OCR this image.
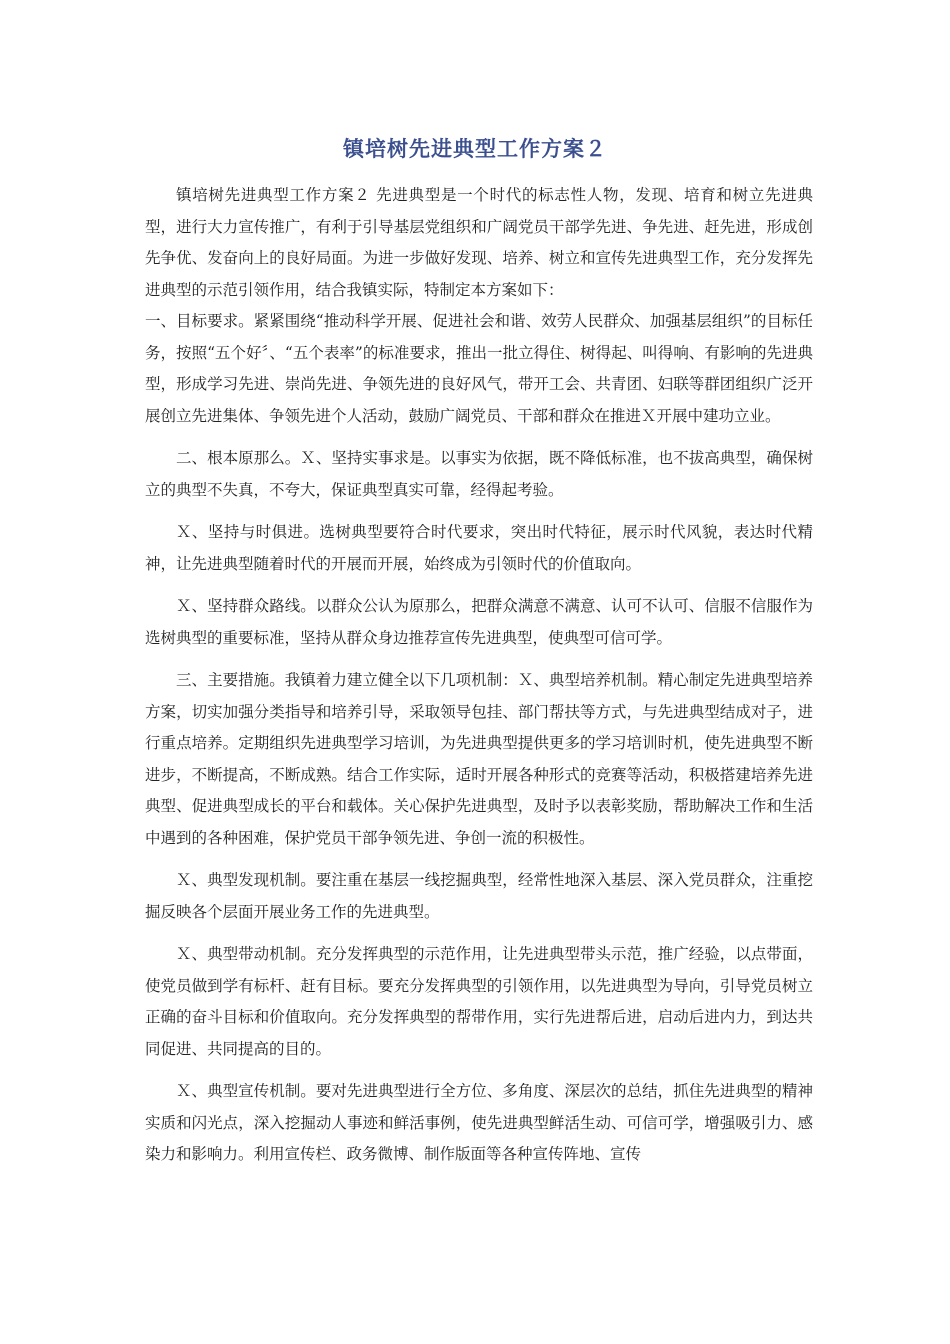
镇培树先进典型工作方案２

镇培树先进典型工作方案２ 先进典型是一个时代的标志性人物，发现、培育和树立先进典型，进行大力宣传推广，有利于引导基层党组织和广阔党员干部学先进、争先进、赶先进，形成创先争优、发奋向上的良好局面。为进一步做好发现、培养、树立和宣传先进典型工作，充分发挥先进典型的示范引领作用，结合我镇实际，特制定本方案如下：

一、目标要求。紧紧围绕“推动科学开展、促进社会和谐、效劳人民群众、加强基层组织”的目标任务，按照“五个好〞、“五个表率”的标准要求，推出一批立得住、树得起、叫得响、有影响的先进典型，形成学习先进、崇尚先进、争领先进的良好风气，带开工会、共青团、妇联等群团组织广泛开展创立先进集体、争领先进个人活动，鼓励广阔党员、干部和群众在推进Ｘ开展中建功立业。

二、根本原那么。Ｘ、坚持实事求是。以事实为依据，既不降低标准，也不拔高典型，确保树立的典型不失真，不夸大，保证典型真实可靠，经得起考验。

Ｘ、坚持与时俱进。选树典型要符合时代要求，突出时代特征，展示时代风貌，表达时代精神，让先进典型随着时代的开展而开展，始终成为引领时代的价值取向。

Ｘ、坚持群众路线。以群众公认为原那么，把群众满意不满意、认可不认可、信服不信服作为选树典型的重要标准，坚持从群众身边推荐宣传先进典型，使典型可信可学。

三、主要措施。我镇着力建立健全以下几项机制：Ｘ、典型培养机制。精心制定先进典型培养方案，切实加强分类指导和培养引导，采取领导包挂、部门帮扶等方式，与先进典型结成对子，进行重点培养。定期组织先进典型学习培训，为先进典型提供更多的学习培训时机，使先进典型不断进步，不断提高，不断成熟。结合工作实际，适时开展各种形式的竞赛等活动，积极搭建培养先进典型、促进典型成长的平台和载体。关心保护先进典型，及时予以表彰奖励，帮助解决工作和生活中遇到的各种困难，保护党员干部争领先进、争创一流的积极性。

Ｘ、典型发现机制。要注重在基层一线挖掘典型，经常性地深入基层、深入党员群众，注重挖掘反映各个层面开展业务工作的先进典型。

Ｘ、典型带动机制。充分发挥典型的示范作用，让先进典型带头示范，推广经验，以点带面，使党员做到学有标杆、赶有目标。要充分发挥典型的引领作用，以先进典型为导向，引导党员树立正确的奋斗目标和价值取向。充分发挥典型的帮带作用，实行先进帮后进，启动后进内力，到达共同促进、共同提高的目的。

Ｘ、典型宣传机制。要对先进典型进行全方位、多角度、深层次的总结，抓住先进典型的精神实质和闪光点，深入挖掘动人事迹和鲜活事例，使先进典型鲜活生动、可信可学，增强吸引力、感染力和影响力。利用宣传栏、政务微博、制作版面等各种宣传阵地、宣传
